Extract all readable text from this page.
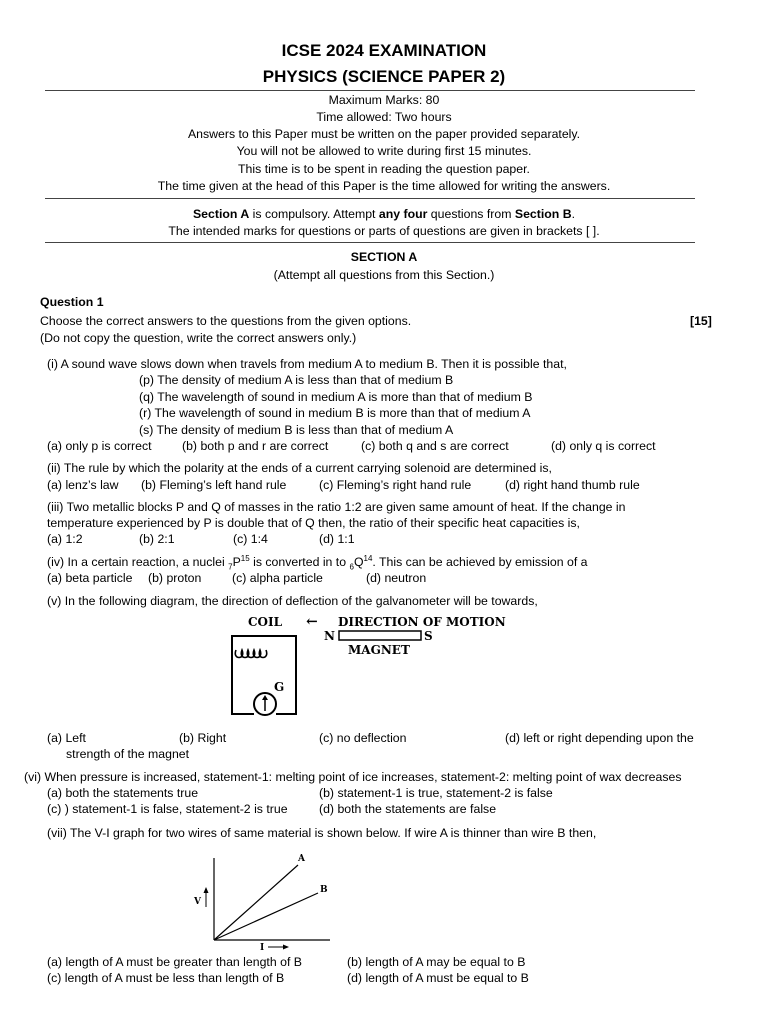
ICSE 2024 EXAMINATION
PHYSICS (SCIENCE PAPER 2)
Maximum Marks: 80
Time allowed: Two hours
Answers to this Paper must be written on the paper provided separately.
You will not be allowed to write during first 15 minutes.
This time is to be spent in reading the question paper.
The time given at the head of this Paper is the time allowed for writing the answers.
Section A is compulsory. Attempt any four questions from Section B.
The intended marks for questions or parts of questions are given in brackets [ ].
SECTION A
(Attempt all questions from this Section.)
Question 1
Choose the correct answers to the questions from the given options.	[15]
(Do not copy the question, write the correct answers only.)
(i) A sound wave slows down when travels from medium A to medium B. Then it is possible that,
(p) The density of medium A is less than that of medium B
(q) The wavelength of sound in medium A is more than that of medium B
(r) The wavelength of sound in medium B is more than that of medium A
(s) The density of medium B is less than that of medium A
(a) only p is correct (b) both p and r are correct	(c) both q and s are correct	(d) only q is correct
(ii) The rule by which the polarity at the ends of a current carrying solenoid are determined is,
(a) lenz’s law (b) Fleming’s left hand rule	(c) Fleming’s right hand rule	(d) right hand thumb rule
(iii) Two metallic blocks P and Q of masses in the ratio 1:2 are given same amount of heat. If the change in
temperature experienced by P is double that of Q then, the ratio of their specific heat capacities is,
(a) 1:2	(b) 2:1	(c) 1:4	(d) 1:1
(iv) In a certain reaction, a nuclei $_7P^{15}$ is converted in to $_6Q^{14}$. This can be achieved by emission of a
(a) beta particle (b) proton (c) alpha particle	(d) neutron
(v) In the following diagram, the direction of deflection of the galvanometer will be towards,
COIL ← DIRECTION OF MOTION
N	S
MAGNET
G
(a) Left	(b) Right	(c) no deflection	(d) left or right depending upon the
strength of the magnet
(vi) When pressure is increased, statement-1: melting point of ice increases, statement-2: melting point of wax decreases
(a) both the statements true	(b) statement-1 is true, statement-2 is false
(c) ) statement-1 is false, statement-2 is true	(d) both the statements are false
(vii) The V-I graph for two wires of same material is shown below. If wire A is thinner than wire B then,
A
B
V
I
(a) length of A must be greater than length of B	(b) length of A may be equal to B
(c) length of A must be less than length of B	(d) length of A must be equal to B
